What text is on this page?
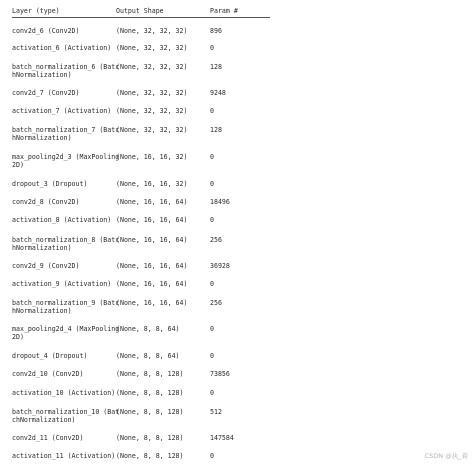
Layer (type)	Output Shape	Param #
conv2d_6 (Conv2D)	(None, 32, 32, 32)	896
activation_6 (Activation) (None, 32, 32, 32)	0
batch_normalization_6 (Batc
hNormalization)
(None, 32, 32, 32)	128
conv2d_7 (Conv2D)	(None, 32, 32, 32)	9248
activation_7 (Activation) (None, 32, 32, 32)	0
batch_normalization_7 (Batc
hNormalization)
(None, 32, 32, 32)	128
max_pooling2d_3 (MaxPooling
2D)
(None, 16, 16, 32)	0
dropout_3 (Dropout)	(None, 16, 16, 32)	0
conv2d_8 (Conv2D)	(None, 16, 16, 64)	18496
activation_8 (Activation) (None, 16, 16, 64)	0
batch_normalization_8 (Batc
hNormalization)
(None, 16, 16, 64)	256
conv2d_9 (Conv2D)	(None, 16, 16, 64)	36928
activation_9 (Activation) (None, 16, 16, 64)	0
batch_normalization_9 (Batc
hNormalization)
(None, 16, 16, 64)	256
max_pooling2d_4 (MaxPooling
2D)
(None, 8, 8, 64)	0
dropout_4 (Dropout)	(None, 8, 8, 64)	0
conv2d_10 (Conv2D)	(None, 8, 8, 128)	73856
activation_10 (Activation) (None, 8, 8, 128)	0
batch_normalization_10 (Bat
chNormalization)
(None, 8, 8, 128)	512
conv2d_11 (Conv2D)	(None, 8, 8, 128)	147584
activation_11 (Activation) (None, 8, 8, 128)	0	CSDN @执_着
